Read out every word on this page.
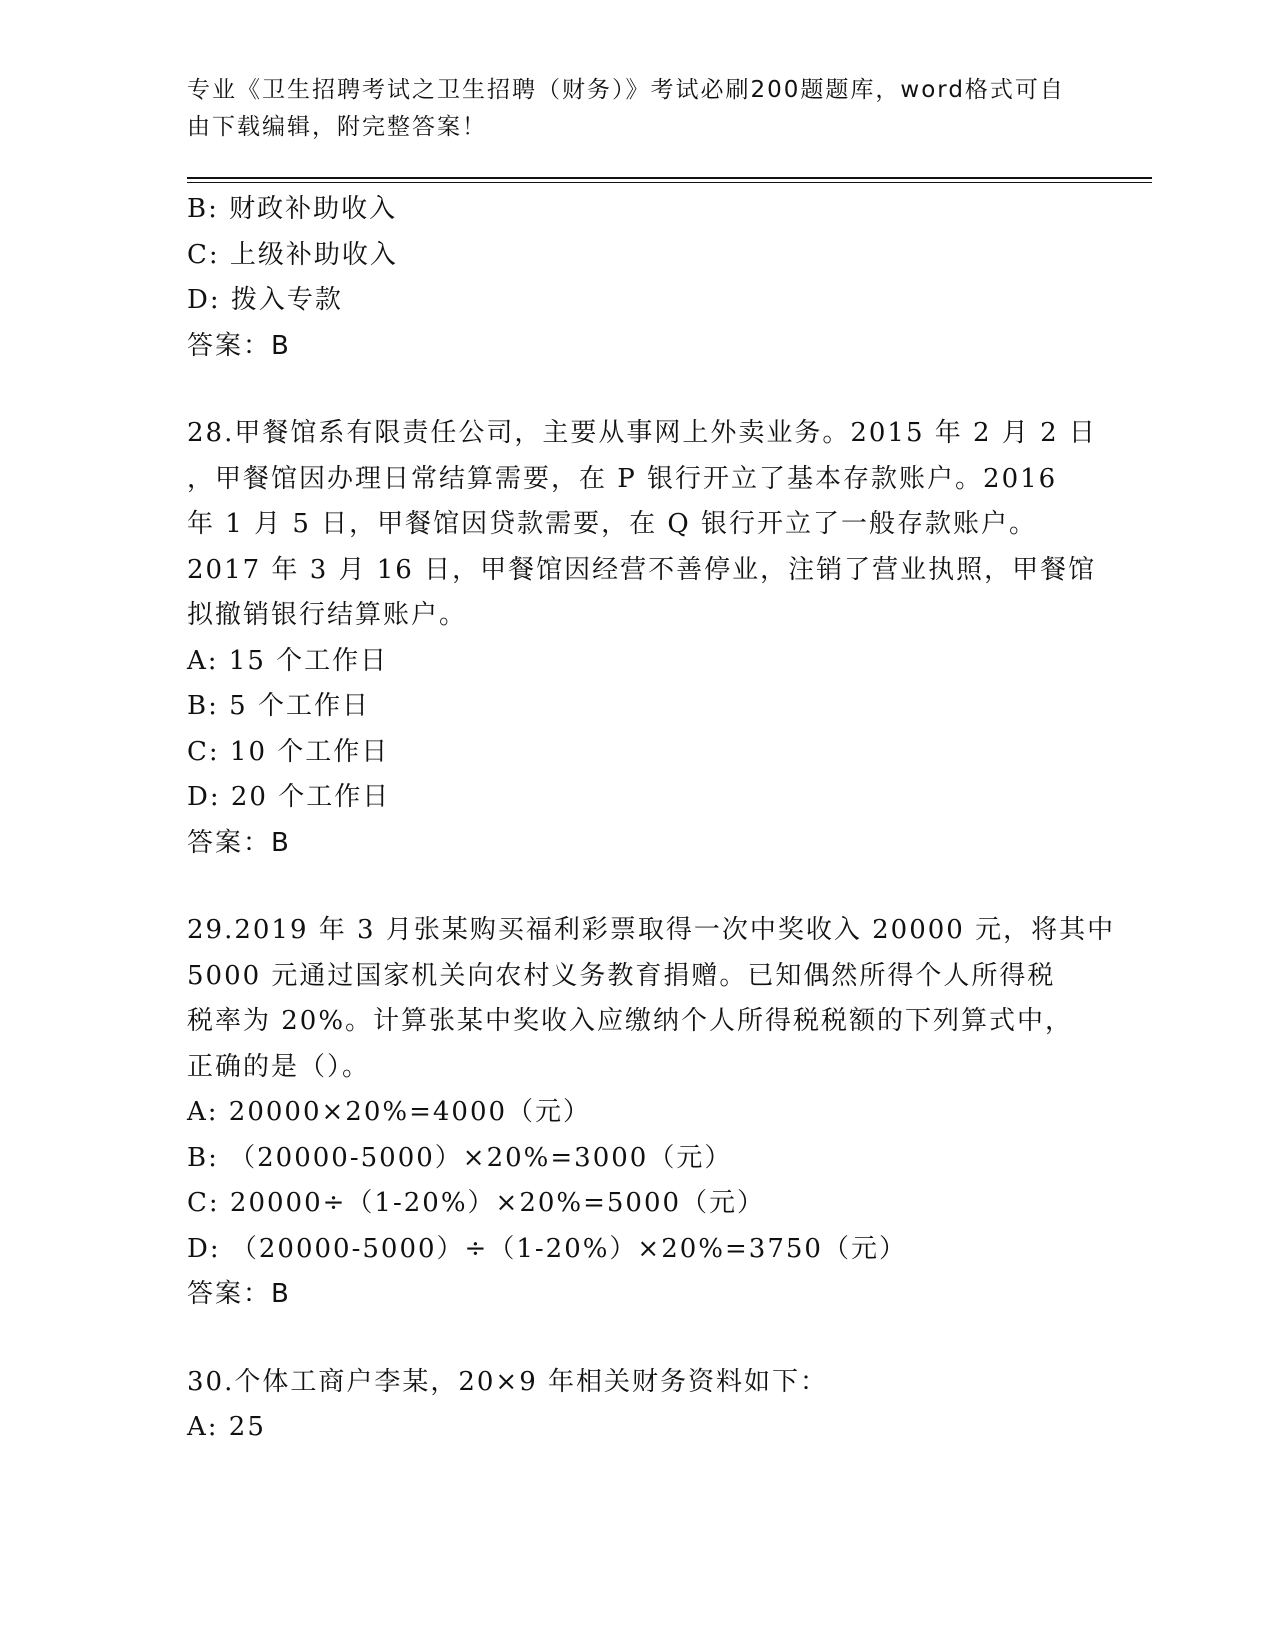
专业《卫生招聘考试之卫生招聘（财务）》考试必刷200题题库，word格式可自
由下载编辑，附完整答案！
B: 财政补助收入
C: 上级补助收入
D: 拨入专款
答案：B
28.甲餐馆系有限责任公司，主要从事网上外卖业务。2015 年 2 月 2 日
，甲餐馆因办理日常结算需要，在 P 银行开立了基本存款账户。2016
年 1 月 5 日，甲餐馆因贷款需要，在 Q 银行开立了一般存款账户。
2017 年 3 月 16 日，甲餐馆因经营不善停业，注销了营业执照，甲餐馆
拟撤销银行结算账户。
A: 15 个工作日
B: 5 个工作日
C: 10 个工作日
D: 20 个工作日
答案：B
29.2019 年 3 月张某购买福利彩票取得一次中奖收入 20000 元，将其中
5000 元通过国家机关向农村义务教育捐赠。已知偶然所得个人所得税
税率为 20%。计算张某中奖收入应缴纳个人所得税税额的下列算式中，
正确的是（）。
A: 20000×20%=4000（元）
B: （20000-5000）×20%=3000（元）
C: 20000÷（1-20%）×20%=5000（元）
D: （20000-5000）÷（1-20%）×20%=3750（元）
答案：B
30.个体工商户李某，20×9 年相关财务资料如下：
A: 25
